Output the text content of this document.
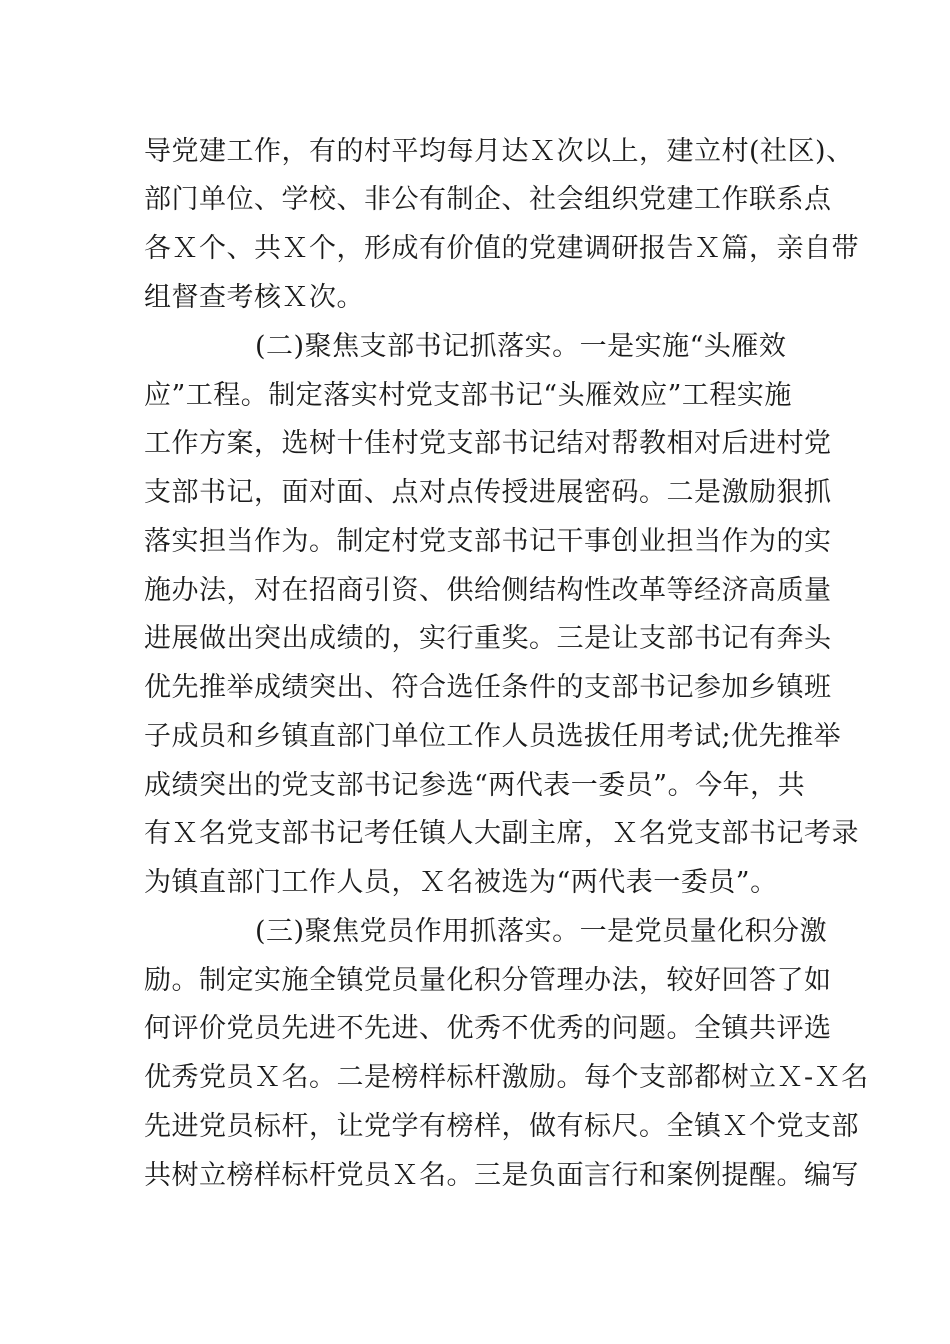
导党建工作，有的村平均每月达Ｘ次以上，建立村(社区)、
部门单位、学校、非公有制企、社会组织党建工作联系点
各Ｘ个、共Ｘ个，形成有价值的党建调研报告Ｘ篇，亲自带
组督查考核Ｘ次。
(二)聚焦支部书记抓落实。一是实施“头雁效
应”工程。制定落实村党支部书记“头雁效应”工程实施
工作方案，选树十佳村党支部书记结对帮教相对后进村党
支部书记，面对面、点对点传授进展密码。二是激励狠抓
落实担当作为。制定村党支部书记干事创业担当作为的实
施办法，对在招商引资、供给侧结构性改革等经济高质量
进展做出突出成绩的，实行重奖。三是让支部书记有奔头
优先推举成绩突出、符合选任条件的支部书记参加乡镇班
子成员和乡镇直部门单位工作人员选拔任用考试;优先推举
成绩突出的党支部书记参选“两代表一委员”。今年，共
有Ｘ名党支部书记考任镇人大副主席，Ｘ名党支部书记考录
为镇直部门工作人员，Ｘ名被选为“两代表一委员”。
(三)聚焦党员作用抓落实。一是党员量化积分激
励。制定实施全镇党员量化积分管理办法，较好回答了如
何评价党员先进不先进、优秀不优秀的问题。全镇共评选
优秀党员Ｘ名。二是榜样标杆激励。每个支部都树立Ｘ-Ｘ名
先进党员标杆，让党学有榜样，做有标尺。全镇Ｘ个党支部
共树立榜样标杆党员Ｘ名。三是负面言行和案例提醒。编写
